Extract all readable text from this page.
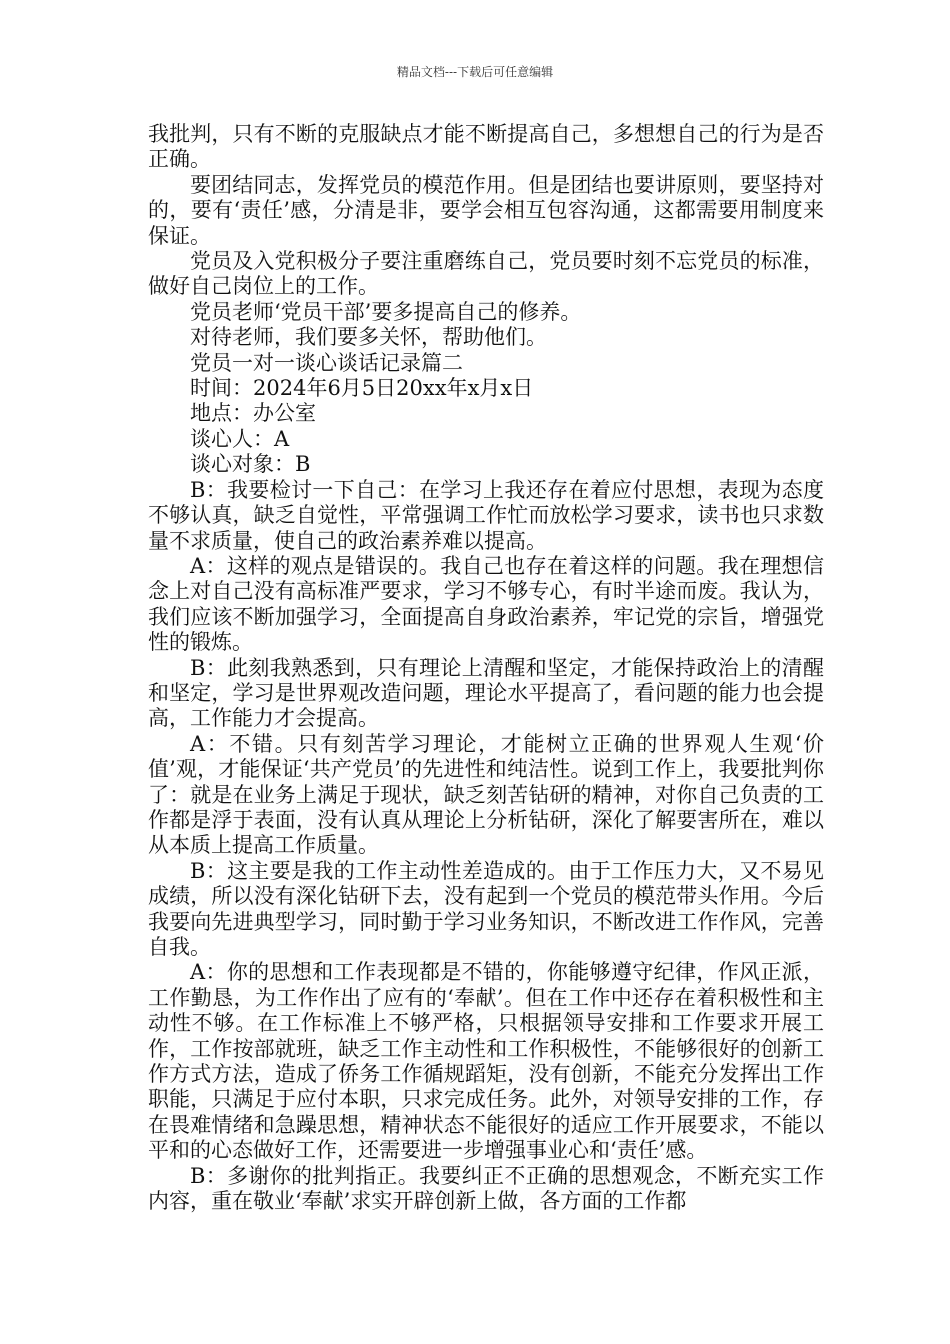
精品文档---下载后可任意编辑

我批判，只有不断的克服缺点才能不断提高自己，多想想自己的行为是否正确。

要团结同志，发挥党员的模范作用。但是团结也要讲原则，要坚持对的，要有‘责任’感，分清是非，要学会相互包容沟通，这都需要用制度来保证。

党员及入党积极分子要注重磨练自己，党员要时刻不忘党员的标准，做好自己岗位上的工作。

党员老师‘党员干部’要多提高自己的修养。

对待老师，我们要多关怀，帮助他们。

党员一对一谈心谈话记录篇二

时间：2024年6月5日20xx年x月x日

地点：办公室

谈心人：A

谈心对象：B

B：我要检讨一下自己：在学习上我还存在着应付思想，表现为态度不够认真，缺乏自觉性，平常强调工作忙而放松学习要求，读书也只求数量不求质量，使自己的政治素养难以提高。

A：这样的观点是错误的。我自己也存在着这样的问题。我在理想信念上对自己没有高标准严要求，学习不够专心，有时半途而废。我认为，我们应该不断加强学习，全面提高自身政治素养，牢记党的宗旨，增强党性的锻炼。

B：此刻我熟悉到，只有理论上清醒和坚定，才能保持政治上的清醒和坚定，学习是世界观改造问题，理论水平提高了，看问题的能力也会提高，工作能力才会提高。

A：不错。只有刻苦学习理论，才能树立正确的世界观人生观‘价值’观，才能保证‘共产党员’的先进性和纯洁性。说到工作上，我要批判你了：就是在业务上满足于现状，缺乏刻苦钻研的精神，对你自己负责的工作都是浮于表面，没有认真从理论上分析钻研，深化了解要害所在，难以从本质上提高工作质量。

B：这主要是我的工作主动性差造成的。由于工作压力大，又不易见成绩，所以没有深化钻研下去，没有起到一个党员的模范带头作用。今后我要向先进典型学习，同时勤于学习业务知识，不断改进工作作风，完善自我。

A：你的思想和工作表现都是不错的，你能够遵守纪律，作风正派，工作勤恳，为工作作出了应有的‘奉献’。但在工作中还存在着积极性和主动性不够。在工作标准上不够严格，只根据领导安排和工作要求开展工作，工作按部就班，缺乏工作主动性和工作积极性，不能够很好的创新工作方式方法，造成了侨务工作循规蹈矩，没有创新，不能充分发挥出工作职能，只满足于应付本职，只求完成任务。此外，对领导安排的工作，存在畏难情绪和急躁思想，精神状态不能很好的适应工作开展要求，不能以平和的心态做好工作，还需要进一步增强事业心和‘责任’感。

B：多谢你的批判指正。我要纠正不正确的思想观念，不断充实工作内容，重在敬业‘奉献’求实开辟创新上做，各方面的工作都
